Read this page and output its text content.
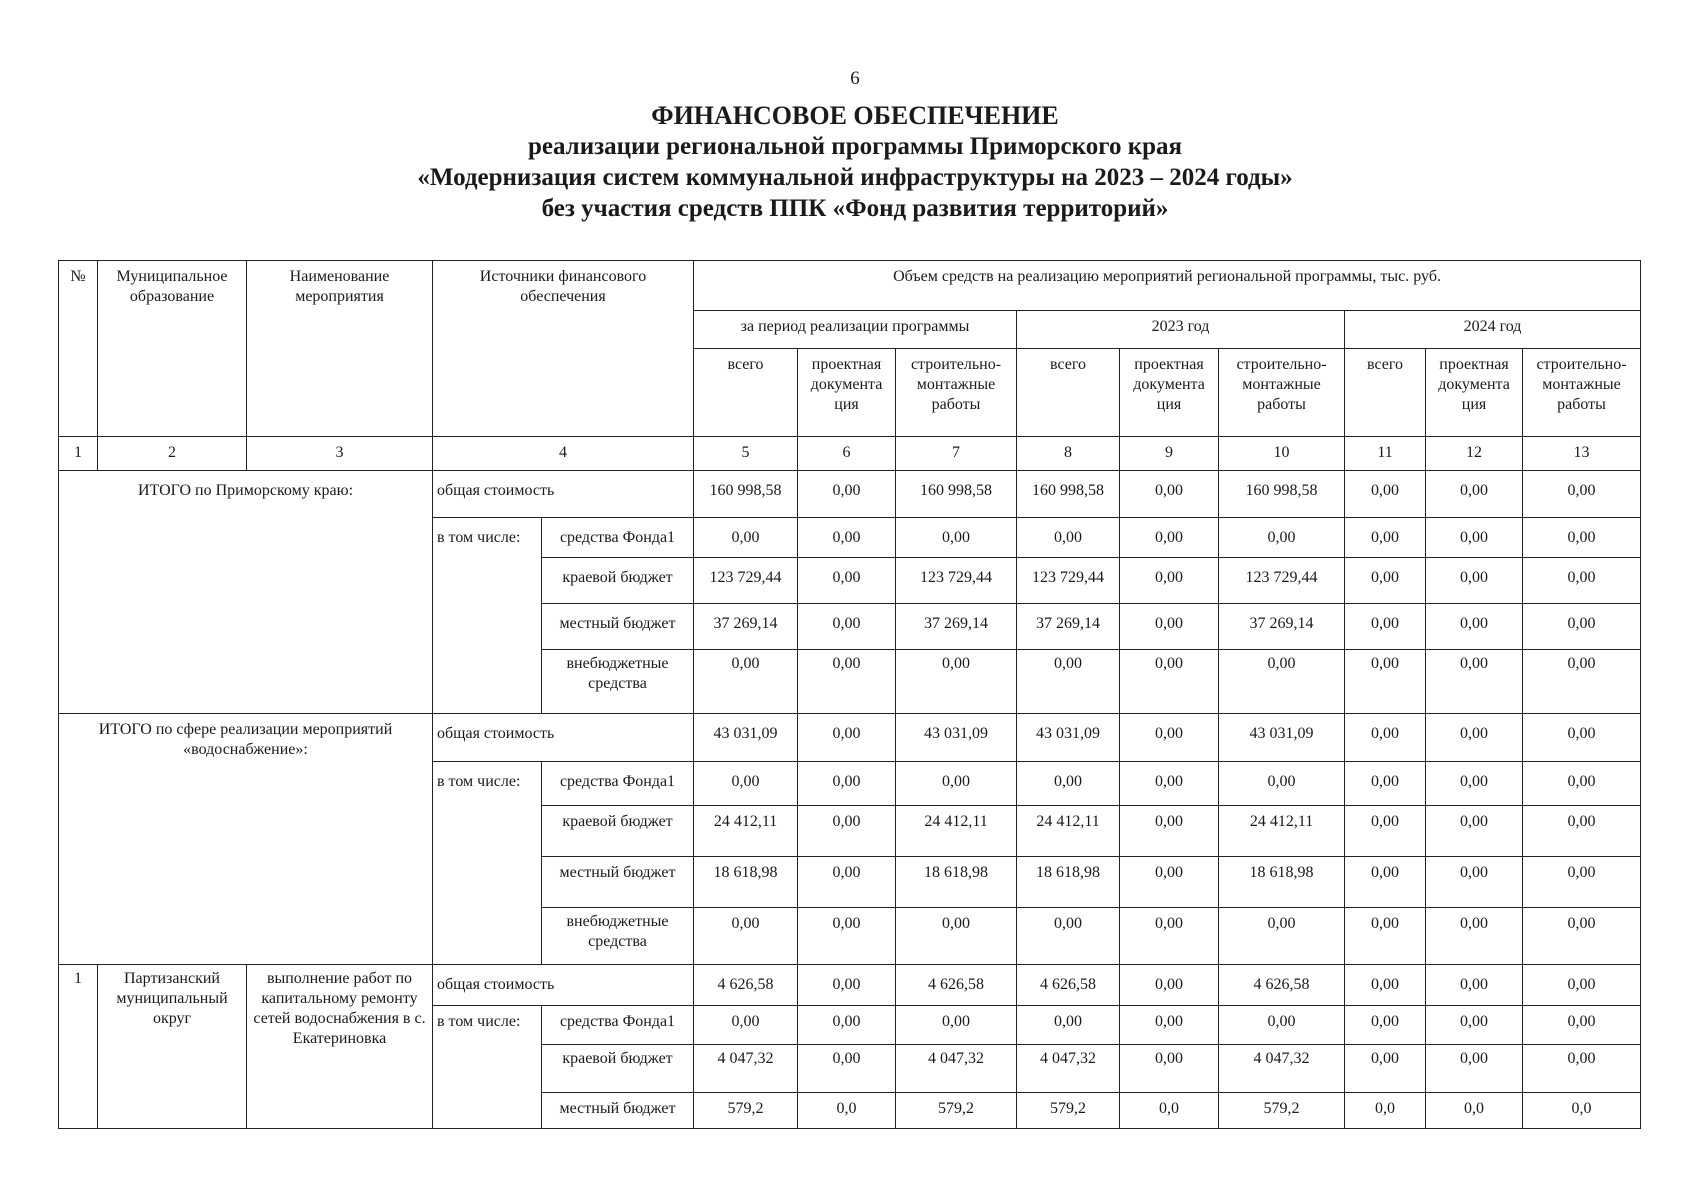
6
ФИНАНСОВОЕ ОБЕСПЕЧЕНИЕ
реализации региональной программы Приморского края
«Модернизация систем коммунальной инфраструктуры на 2023 – 2024 годы»
без участия средств ППК «Фонд развития территорий»
№	Муниципальное образование	Наименование мероприятия	Источники финансового обеспечения		Объем средств на реализацию мероприятий региональной программы, тыс. руб.								
					за период реализации программы			2023 год			2024 год		
					всего	проектная документа ция	строительно-монтажные работы	всего	проектная документа ция	строительно-монтажные работы	всего	проектная документа ция	строительно-монтажные работы
1	2	3	4		5	6	7	8	9	10	11	12	13
ИТОГО по Приморскому краю:			общая стоимость		160 998,58	0,00	160 998,58	160 998,58	0,00	160 998,58	0,00	0,00	0,00
			в том числе:	средства Фонда1	0,00	0,00	0,00	0,00	0,00	0,00	0,00	0,00	0,00
				краевой бюджет	123 729,44	0,00	123 729,44	123 729,44	0,00	123 729,44	0,00	0,00	0,00
				местный бюджет	37 269,14	0,00	37 269,14	37 269,14	0,00	37 269,14	0,00	0,00	0,00
				внебюджетные средства	0,00	0,00	0,00	0,00	0,00	0,00	0,00	0,00	0,00
ИТОГО по сфере реализации мероприятий «водоснабжение»:			общая стоимость		43 031,09	0,00	43 031,09	43 031,09	0,00	43 031,09	0,00	0,00	0,00
			в том числе:	средства Фонда1	0,00	0,00	0,00	0,00	0,00	0,00	0,00	0,00	0,00
				краевой бюджет	24 412,11	0,00	24 412,11	24 412,11	0,00	24 412,11	0,00	0,00	0,00
				местный бюджет	18 618,98	0,00	18 618,98	18 618,98	0,00	18 618,98	0,00	0,00	0,00
				внебюджетные средства	0,00	0,00	0,00	0,00	0,00	0,00	0,00	0,00	0,00
1	Партизанский муниципальный округ	выполнение работ по капитальному ремонту сетей водоснабжения в с. Екатериновка	общая стоимость		4 626,58	0,00	4 626,58	4 626,58	0,00	4 626,58	0,00	0,00	0,00
			в том числе:	средства Фонда1	0,00	0,00	0,00	0,00	0,00	0,00	0,00	0,00	0,00
				краевой бюджет	4 047,32	0,00	4 047,32	4 047,32	0,00	4 047,32	0,00	0,00	0,00
				местный бюджет	579,2	0,0	579,2	579,2	0,0	579,2	0,0	0,0	0,0
